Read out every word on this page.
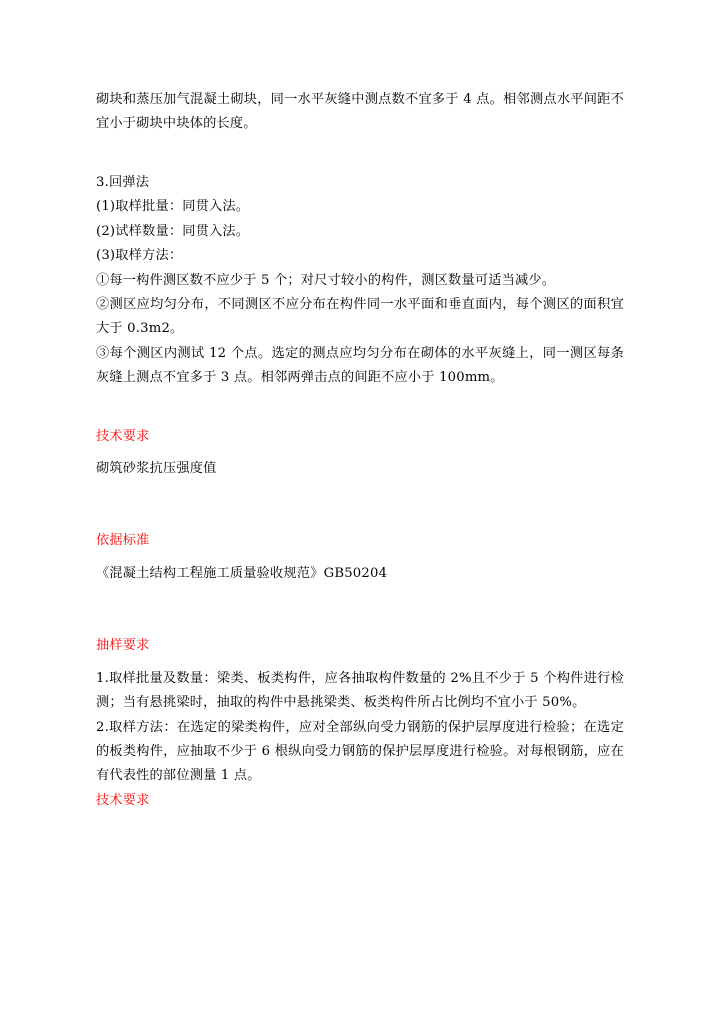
砌块和蒸压加气混凝土砌块，同一水平灰缝中测点数不宜多于 4 点。相邻测点水平间距不宜小于砌块中块体的长度。

3.回弹法

(1)取样批量：同贯入法。

(2)试样数量：同贯入法。

(3)取样方法：

①每一构件测区数不应少于 5 个；对尺寸较小的构件，测区数量可适当减少。

②测区应均匀分布，不同测区不应分布在构件同一水平面和垂直面内，每个测区的面积宜大于 0.3m2。

③每个测区内测试 12 个点。选定的测点应均匀分布在砌体的水平灰缝上，同一测区每条灰缝上测点不宜多于 3 点。相邻两弹击点的间距不应小于 100mm。

技术要求

砌筑砂浆抗压强度值

依据标准

《混凝土结构工程施工质量验收规范》GB50204

抽样要求

1.取样批量及数量：梁类、板类构件，应各抽取构件数量的 2%且不少于 5 个构件进行检测；当有悬挑梁时，抽取的构件中悬挑梁类、板类构件所占比例均不宜小于 50%。

2.取样方法：在选定的梁类构件，应对全部纵向受力钢筋的保护层厚度进行检验；在选定的板类构件，应抽取不少于 6 根纵向受力钢筋的保护层厚度进行检验。对每根钢筋，应在有代表性的部位测量 1 点。

技术要求
